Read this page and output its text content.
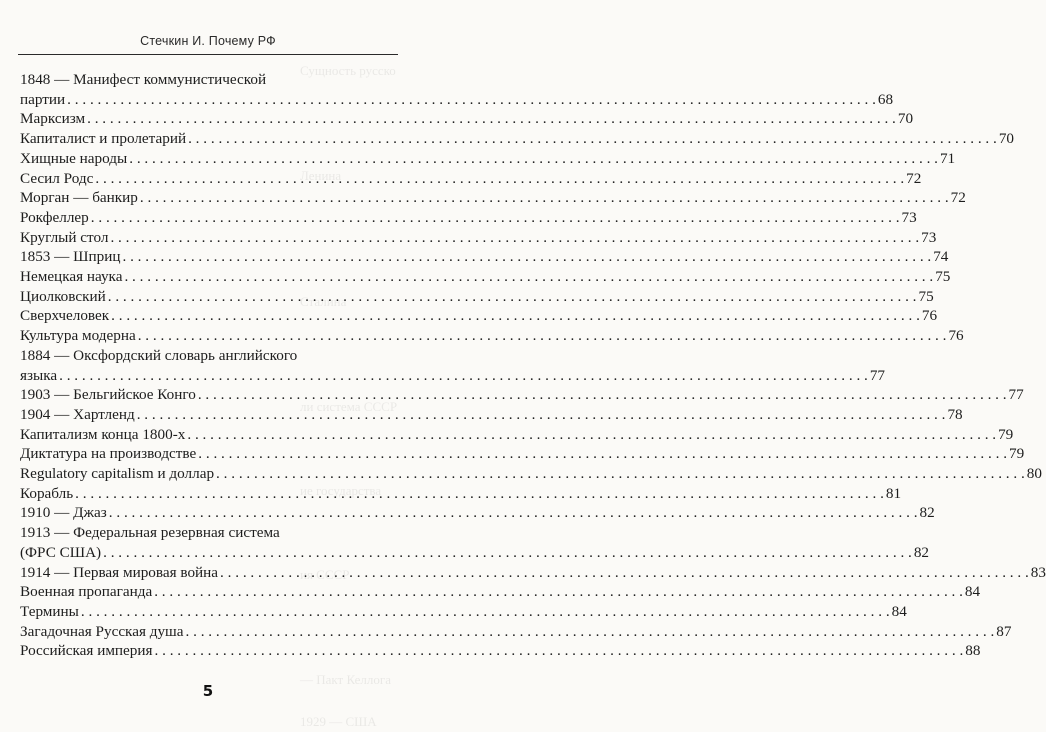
Сущность русско

Ленина

Сталина

ли система СССР

ие государства

ия СССР

— Пакт Келлога

1929 — США
Стечкин И. Почему РФ
1848 — Манифест коммунистической
партии . . .	68
Марксизм . . .	70
Капиталист и пролетарий . . .	70
Хищные народы . . .	71
Сесил Родс . . .	72
Морган — банкир . . .	72
Рокфеллер . . .	73
Круглый стол . . .	73
1853 — Шприц . . .	74
Немецкая наука . . .	75
Циолковский . . .	75
Сверхчеловек . . .	76
Культура модерна . . .	76
1884 — Оксфордский словарь английского
языка . . .	77
1903 — Бельгийское Конго . . .	77
1904 — Хартленд . . .	78
Капитализм конца 1800-х . . .	79
Диктатура на производстве . . .	79
Regulatory capitalism и доллар . . .	80
Корабль . . .	81
1910 — Джаз . . .	82
1913 — Федеральная резервная система
(ФРС США) . . .	82
1914 — Первая мировая война . . .	83
Военная пропаганда . . .	84
Термины . . .	84
Загадочная Русская душа . . .	87
Российская империя . . .	88
5
